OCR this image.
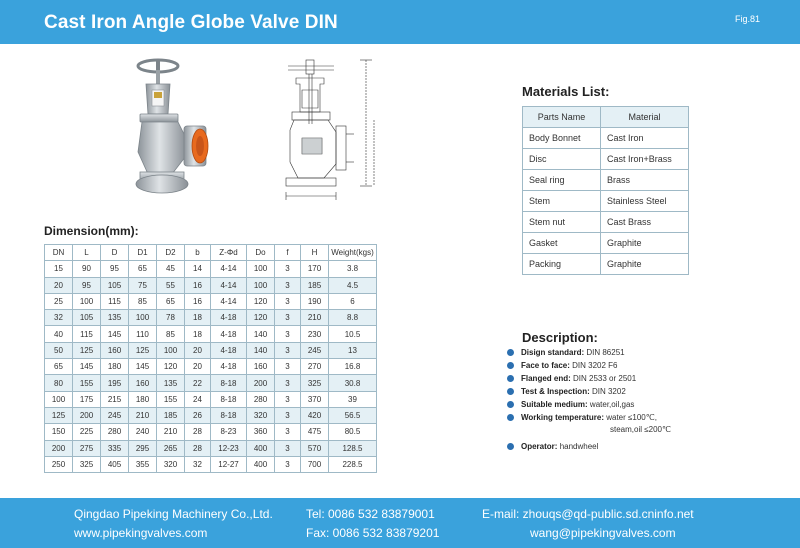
Cast Iron Angle Globe Valve DIN	Fig.81
Dimension(mm):
DN	L	D	D1	D2	b	Z-Φd	Do	f	H	Weight(kgs)
15	90	95	65	45	14	4-14	100	3	170	3.8
20	95	105	75	55	16	4-14	100	3	185	4.5
25	100	115	85	65	16	4-14	120	3	190	6
32	105	135	100	78	18	4-18	120	3	210	8.8
40	115	145	110	85	18	4-18	140	3	230	10.5
50	125	160	125	100	20	4-18	140	3	245	13
65	145	180	145	120	20	4-18	160	3	270	16.8
80	155	195	160	135	22	8-18	200	3	325	30.8
100	175	215	180	155	24	8-18	280	3	370	39
125	200	245	210	185	26	8-18	320	3	420	56.5
150	225	280	240	210	28	8-23	360	3	475	80.5
200	275	335	295	265	28	12-23	400	3	570	128.5
250	325	405	355	320	32	12-27	400	3	700	228.5
Materials List:
Parts Name	Material
Body Bonnet	Cast Iron
Disc	Cast Iron+Brass
Seal ring	Brass
Stem	Stainless Steel
Stem nut	Cast Brass
Gasket	Graphite
Packing	Graphite
Description:
Disign standard: DIN 86251
Face to face: DIN 3202 F6
Flanged end: DIN 2533 or 2501
Test & Inspection: DIN 3202
Suitable medium: water,oil,gas
Working temperature: water ≤100℃,
steam,oil ≤200℃
Operator: handwheel
Qingdao Pipeking Machinery Co.,Ltd.	Tel: 0086 532 83879001	E-mail: zhouqs@qd-public.sd.cninfo.net
www.pipekingvalves.com	Fax: 0086 532 83879201	wang@pipekingvalves.com
